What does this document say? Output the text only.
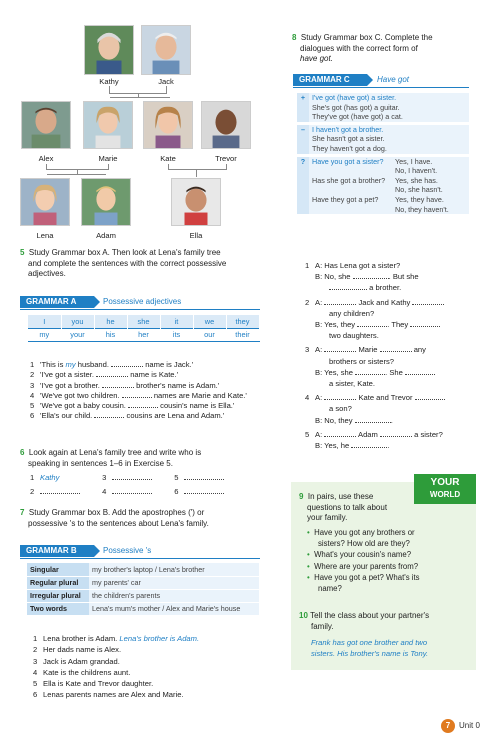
Kathy	Jack
Alex	Marie	Kate	Trevor
Lena	Adam	Ella
5 Study Grammar box A. Then look at Lena's family tree
and complete the sentences with the correct possessive
adjectives.
GRAMMAR A	Possessive adjectives
I	you	he	she	it	we	they
my	your	his	her	its	our	their
1 'This is my husband.	name is Jack.'
2 'I've got a sister.	name is Kate.'
3 'I've got a brother.	brother's name is Adam.'
4 'We've got two children.	names are Marie and Kate.'
5 'We've got a baby cousin.	cousin's name is Ella.'
6 'Ella's our child.	cousins are Lena and Adam.'
6 Look again at Lena's family tree and write who is
speaking in sentences 1–6 in Exercise 5.
1 Kathy	3	5
2	4	6
7 Study Grammar box B. Add the apostrophes (') or
possessive 's to the sentences about Lena's family.
GRAMMAR B	Possessive 's
Singular	my brother's laptop / Lena's brother
Regular plural	my parents' car
Irregular plural	the children's parents
Two words	Lena's mum's mother / Alex and Marie's house
1 Lena brother is Adam. Lena's brother is Adam.
2 Her dads name is Alex.
3 Jack is Adam grandad.
4 Kate is the childrens aunt.
5 Ella is Kate and Trevor daughter.
6 Lenas parents names are Alex and Marie.
8 Study Grammar box C. Complete the
dialogues with the correct form of
have got.
GRAMMAR C	Have got
+	I've got (have got) a sister.
She's got (has got) a guitar.
They've got (have got) a cat.	

–	I haven't got a brother.
She hasn't got a sister.
They haven't got a dog.	

?	Have you got a sister?	Yes, I have.
No, I haven't.

	Has she got a brother?	Yes, she has.
No, she hasn't.

	Have they got a pet?	Yes, they have.
No, they haven't.
1 A: Has Lena got a sister?
B: No, she	. But she
a brother.
2 A:	Jack and Kathy
any children?
B: Yes, they	. They
two daughters.
3 A:	Marie	any
brothers or sisters?
B: Yes, she	. She
a sister, Kate.
4 A:	Kate and Trevor
a son?
B: No, they	.
5 A:	Adam	a sister?
B: Yes, he	.
YOUR
WORLD
9 In pairs, use these
questions to talk about
your family.
• Have you got any brothers or
sisters? How old are they?
• What's your cousin's name?
• Where are your parents from?
• Have you got a pet? What's its
name?
10 Tell the class about your partner's
family.
Frank has got one brother and two
sisters. His brother's name is Tony.
7	Unit 0
